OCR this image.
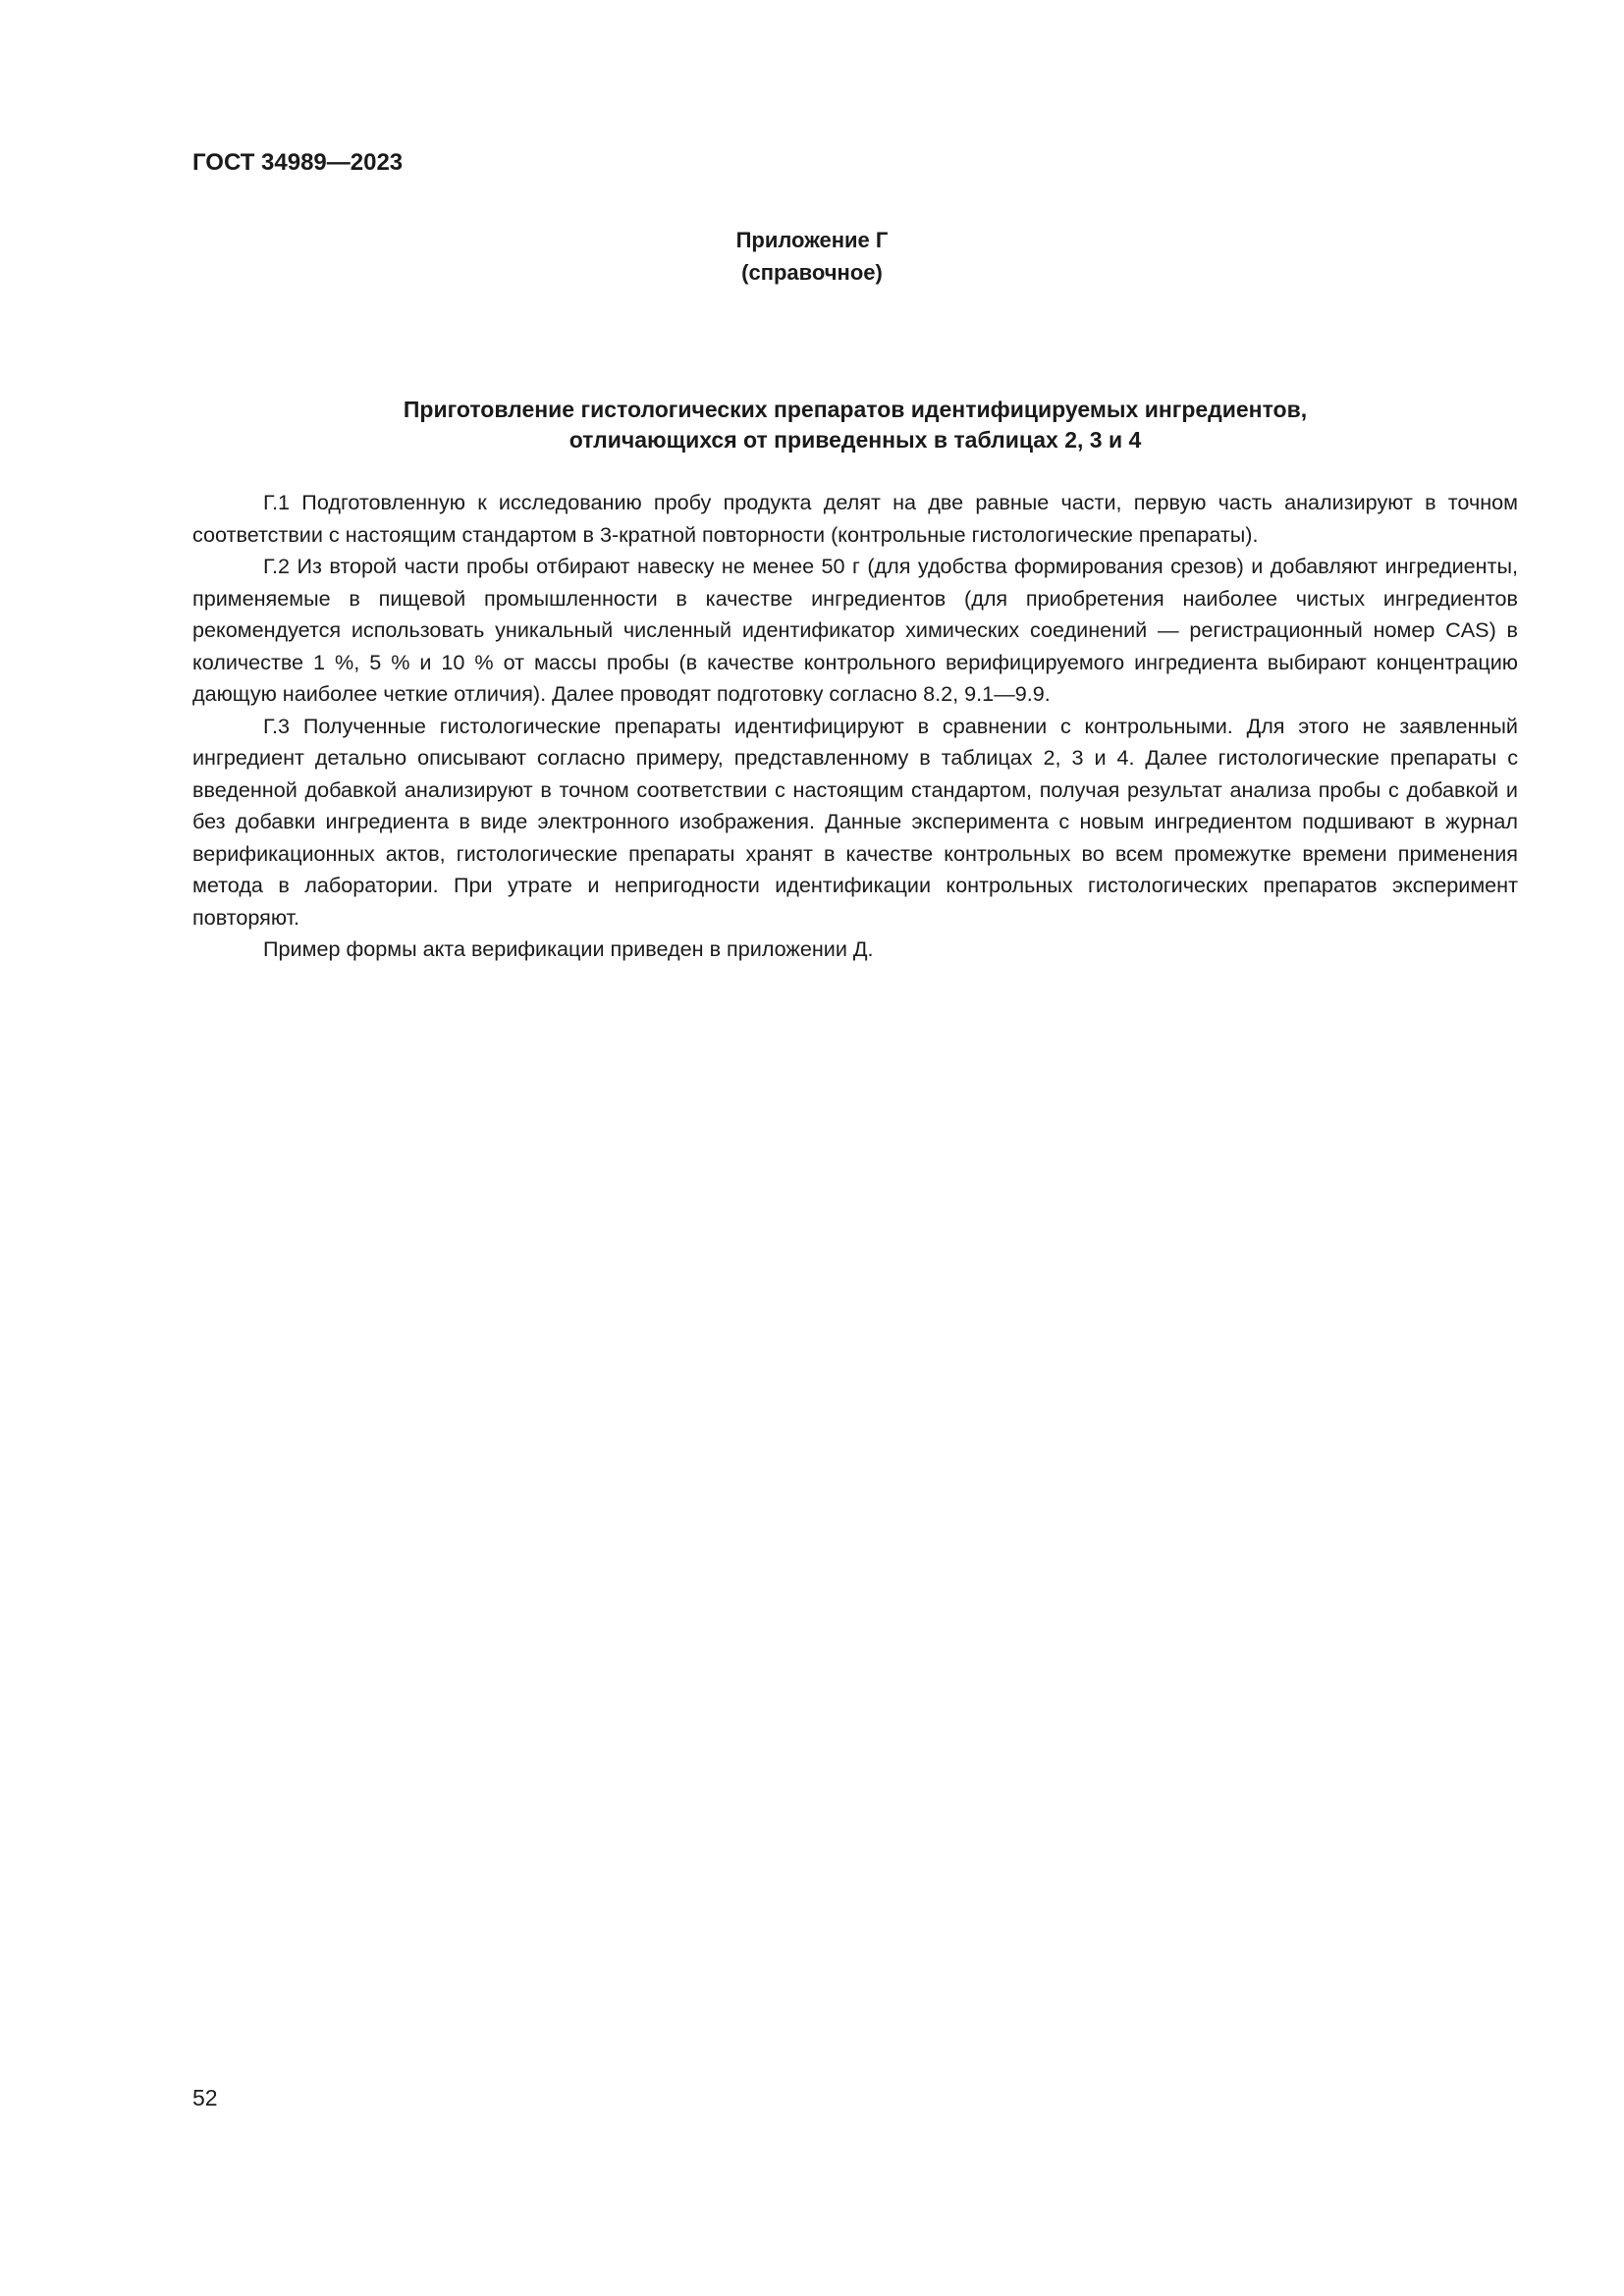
ГОСТ 34989—2023
Приложение Г
(справочное)
Приготовление гистологических препаратов идентифицируемых ингредиентов,
отличающихся от приведенных в таблицах 2, 3 и 4

Г.1 Подготовленную к исследованию пробу продукта делят на две равные части, первую часть анализируют в точном соответствии с настоящим стандартом в 3-кратной повторности (контрольные гистологические препараты).

Г.2 Из второй части пробы отбирают навеску не менее 50 г (для удобства формирования срезов) и добавляют ингредиенты, применяемые в пищевой промышленности в качестве ингредиентов (для приобретения наиболее чистых ингредиентов рекомендуется использовать уникальный численный идентификатор химических соединений — регистрационный номер CAS) в количестве 1 %, 5 % и 10 % от массы пробы (в качестве контрольного верифицируемого ингредиента выбирают концентрацию дающую наиболее четкие отличия). Далее проводят подготовку согласно 8.2, 9.1—9.9.

Г.3 Полученные гистологические препараты идентифицируют в сравнении с контрольными. Для этого не заявленный ингредиент детально описывают согласно примеру, представленному в таблицах 2, 3 и 4. Далее гистологические препараты с введенной добавкой анализируют в точном соответствии с настоящим стандартом, получая результат анализа пробы с добавкой и без добавки ингредиента в виде электронного изображения. Данные эксперимента с новым ингредиентом подшивают в журнал верификационных актов, гистологические препараты хранят в качестве контрольных во всем промежутке времени применения метода в лаборатории. При утрате и непригодности идентификации контрольных гистологических препаратов эксперимент повторяют.

Пример формы акта верификации приведен в приложении Д.

52
